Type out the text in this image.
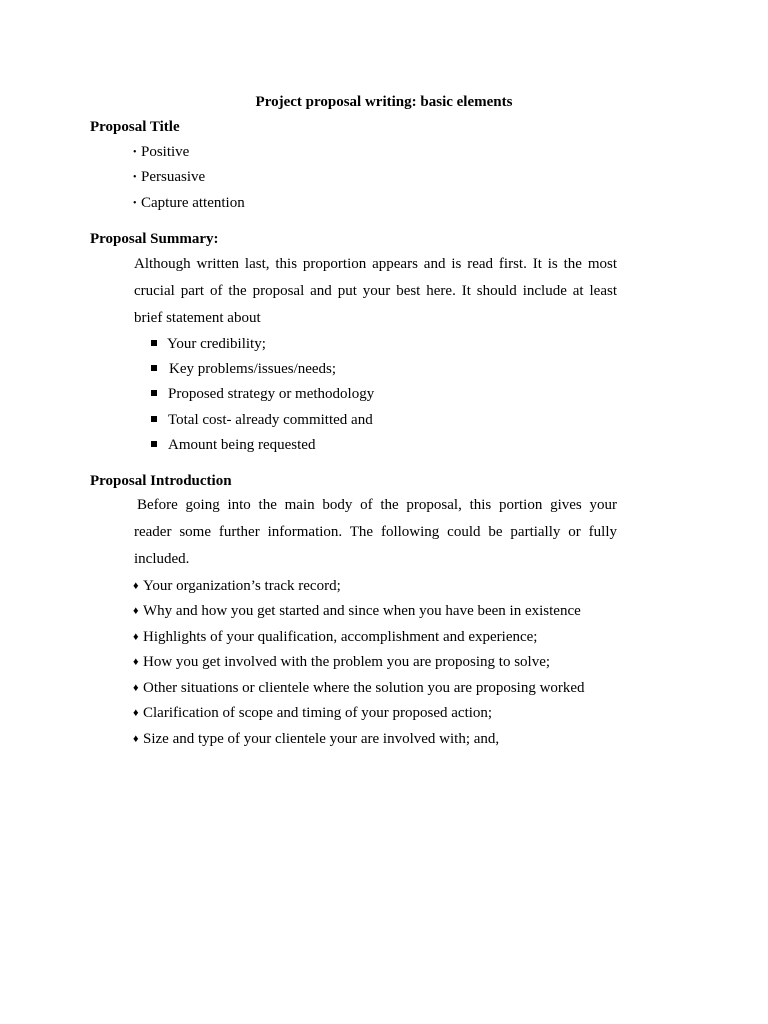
Project proposal writing: basic elements
Proposal Title
• Positive
• Persuasive
• Capture attention
Proposal Summary:
Although written last, this proportion appears and is read first. It is the most
crucial part of the proposal and put your best here. It should include at least
brief statement about
Your credibility;
Key problems/issues/needs;
Proposed strategy or methodology
Total cost- already committed and
Amount being requested
Proposal Introduction
Before going into the main body of the proposal, this portion gives your
reader some further information. The following could be partially or fully
included.
♦ Your organization’s track record;
♦ Why and how you get started and since when you have been in existence
♦ Highlights of your qualification, accomplishment and experience;
♦ How you get involved with the problem you are proposing to solve;
♦ Other situations or clientele where the solution you are proposing worked
♦ Clarification of scope and timing of your proposed action;
♦ Size and type of your clientele your are involved with; and,
